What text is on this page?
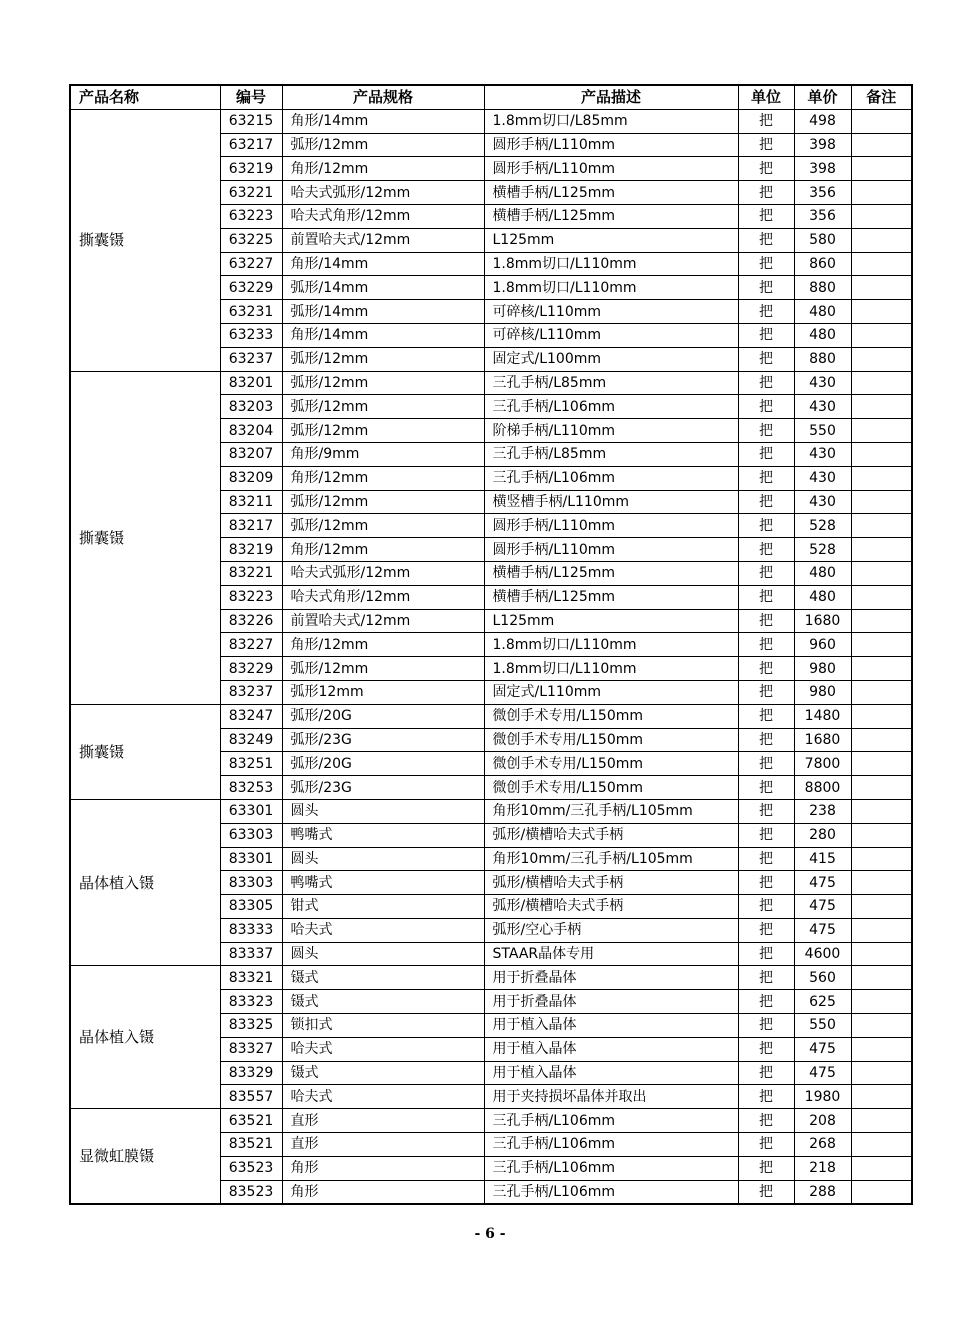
产品名称	编号	产品规格	产品描述	单位	单价	备注
撕囊镊	63215	角形/14mm	1.8mm切口/L85mm	把	498	
	63217	弧形/12mm	圆形手柄/L110mm	把	398	
	63219	角形/12mm	圆形手柄/L110mm	把	398	
	63221	哈夫式弧形/12mm	横槽手柄/L125mm	把	356	
	63223	哈夫式角形/12mm	横槽手柄/L125mm	把	356	
	63225	前置哈夫式/12mm	L125mm	把	580	
	63227	角形/14mm	1.8mm切口/L110mm	把	860	
	63229	弧形/14mm	1.8mm切口/L110mm	把	880	
	63231	弧形/14mm	可碎核/L110mm	把	480	
	63233	角形/14mm	可碎核/L110mm	把	480	
	63237	弧形/12mm	固定式/L100mm	把	880	
撕囊镊	83201	弧形/12mm	三孔手柄/L85mm	把	430	
	83203	弧形/12mm	三孔手柄/L106mm	把	430	
	83204	弧形/12mm	阶梯手柄/L110mm	把	550	
	83207	角形/9mm	三孔手柄/L85mm	把	430	
	83209	角形/12mm	三孔手柄/L106mm	把	430	
	83211	弧形/12mm	横竖槽手柄/L110mm	把	430	
	83217	弧形/12mm	圆形手柄/L110mm	把	528	
	83219	角形/12mm	圆形手柄/L110mm	把	528	
	83221	哈夫式弧形/12mm	横槽手柄/L125mm	把	480	
	83223	哈夫式角形/12mm	横槽手柄/L125mm	把	480	
	83226	前置哈夫式/12mm	L125mm	把	1680	
	83227	角形/12mm	1.8mm切口/L110mm	把	960	
	83229	弧形/12mm	1.8mm切口/L110mm	把	980	
	83237	弧形12mm	固定式/L110mm	把	980	
撕囊镊	83247	弧形/20G	微创手术专用/L150mm	把	1480	
	83249	弧形/23G	微创手术专用/L150mm	把	1680	
	83251	弧形/20G	微创手术专用/L150mm	把	7800	
	83253	弧形/23G	微创手术专用/L150mm	把	8800	
晶体植入镊	63301	圆头	角形10mm/三孔手柄/L105mm	把	238	
	63303	鸭嘴式	弧形/横槽哈夫式手柄	把	280	
	83301	圆头	角形10mm/三孔手柄/L105mm	把	415	
	83303	鸭嘴式	弧形/横槽哈夫式手柄	把	475	
	83305	钳式	弧形/横槽哈夫式手柄	把	475	
	83333	哈夫式	弧形/空心手柄	把	475	
	83337	圆头	STAAR晶体专用	把	4600	
晶体植入镊	83321	镊式	用于折叠晶体	把	560	
	83323	镊式	用于折叠晶体	把	625	
	83325	锁扣式	用于植入晶体	把	550	
	83327	哈夫式	用于植入晶体	把	475	
	83329	镊式	用于植入晶体	把	475	
	83557	哈夫式	用于夹持损坏晶体并取出	把	1980	
显微虹膜镊	63521	直形	三孔手柄/L106mm	把	208	
	83521	直形	三孔手柄/L106mm	把	268	
	63523	角形	三孔手柄/L106mm	把	218	
	83523	角形	三孔手柄/L106mm	把	288	
- 6 -
